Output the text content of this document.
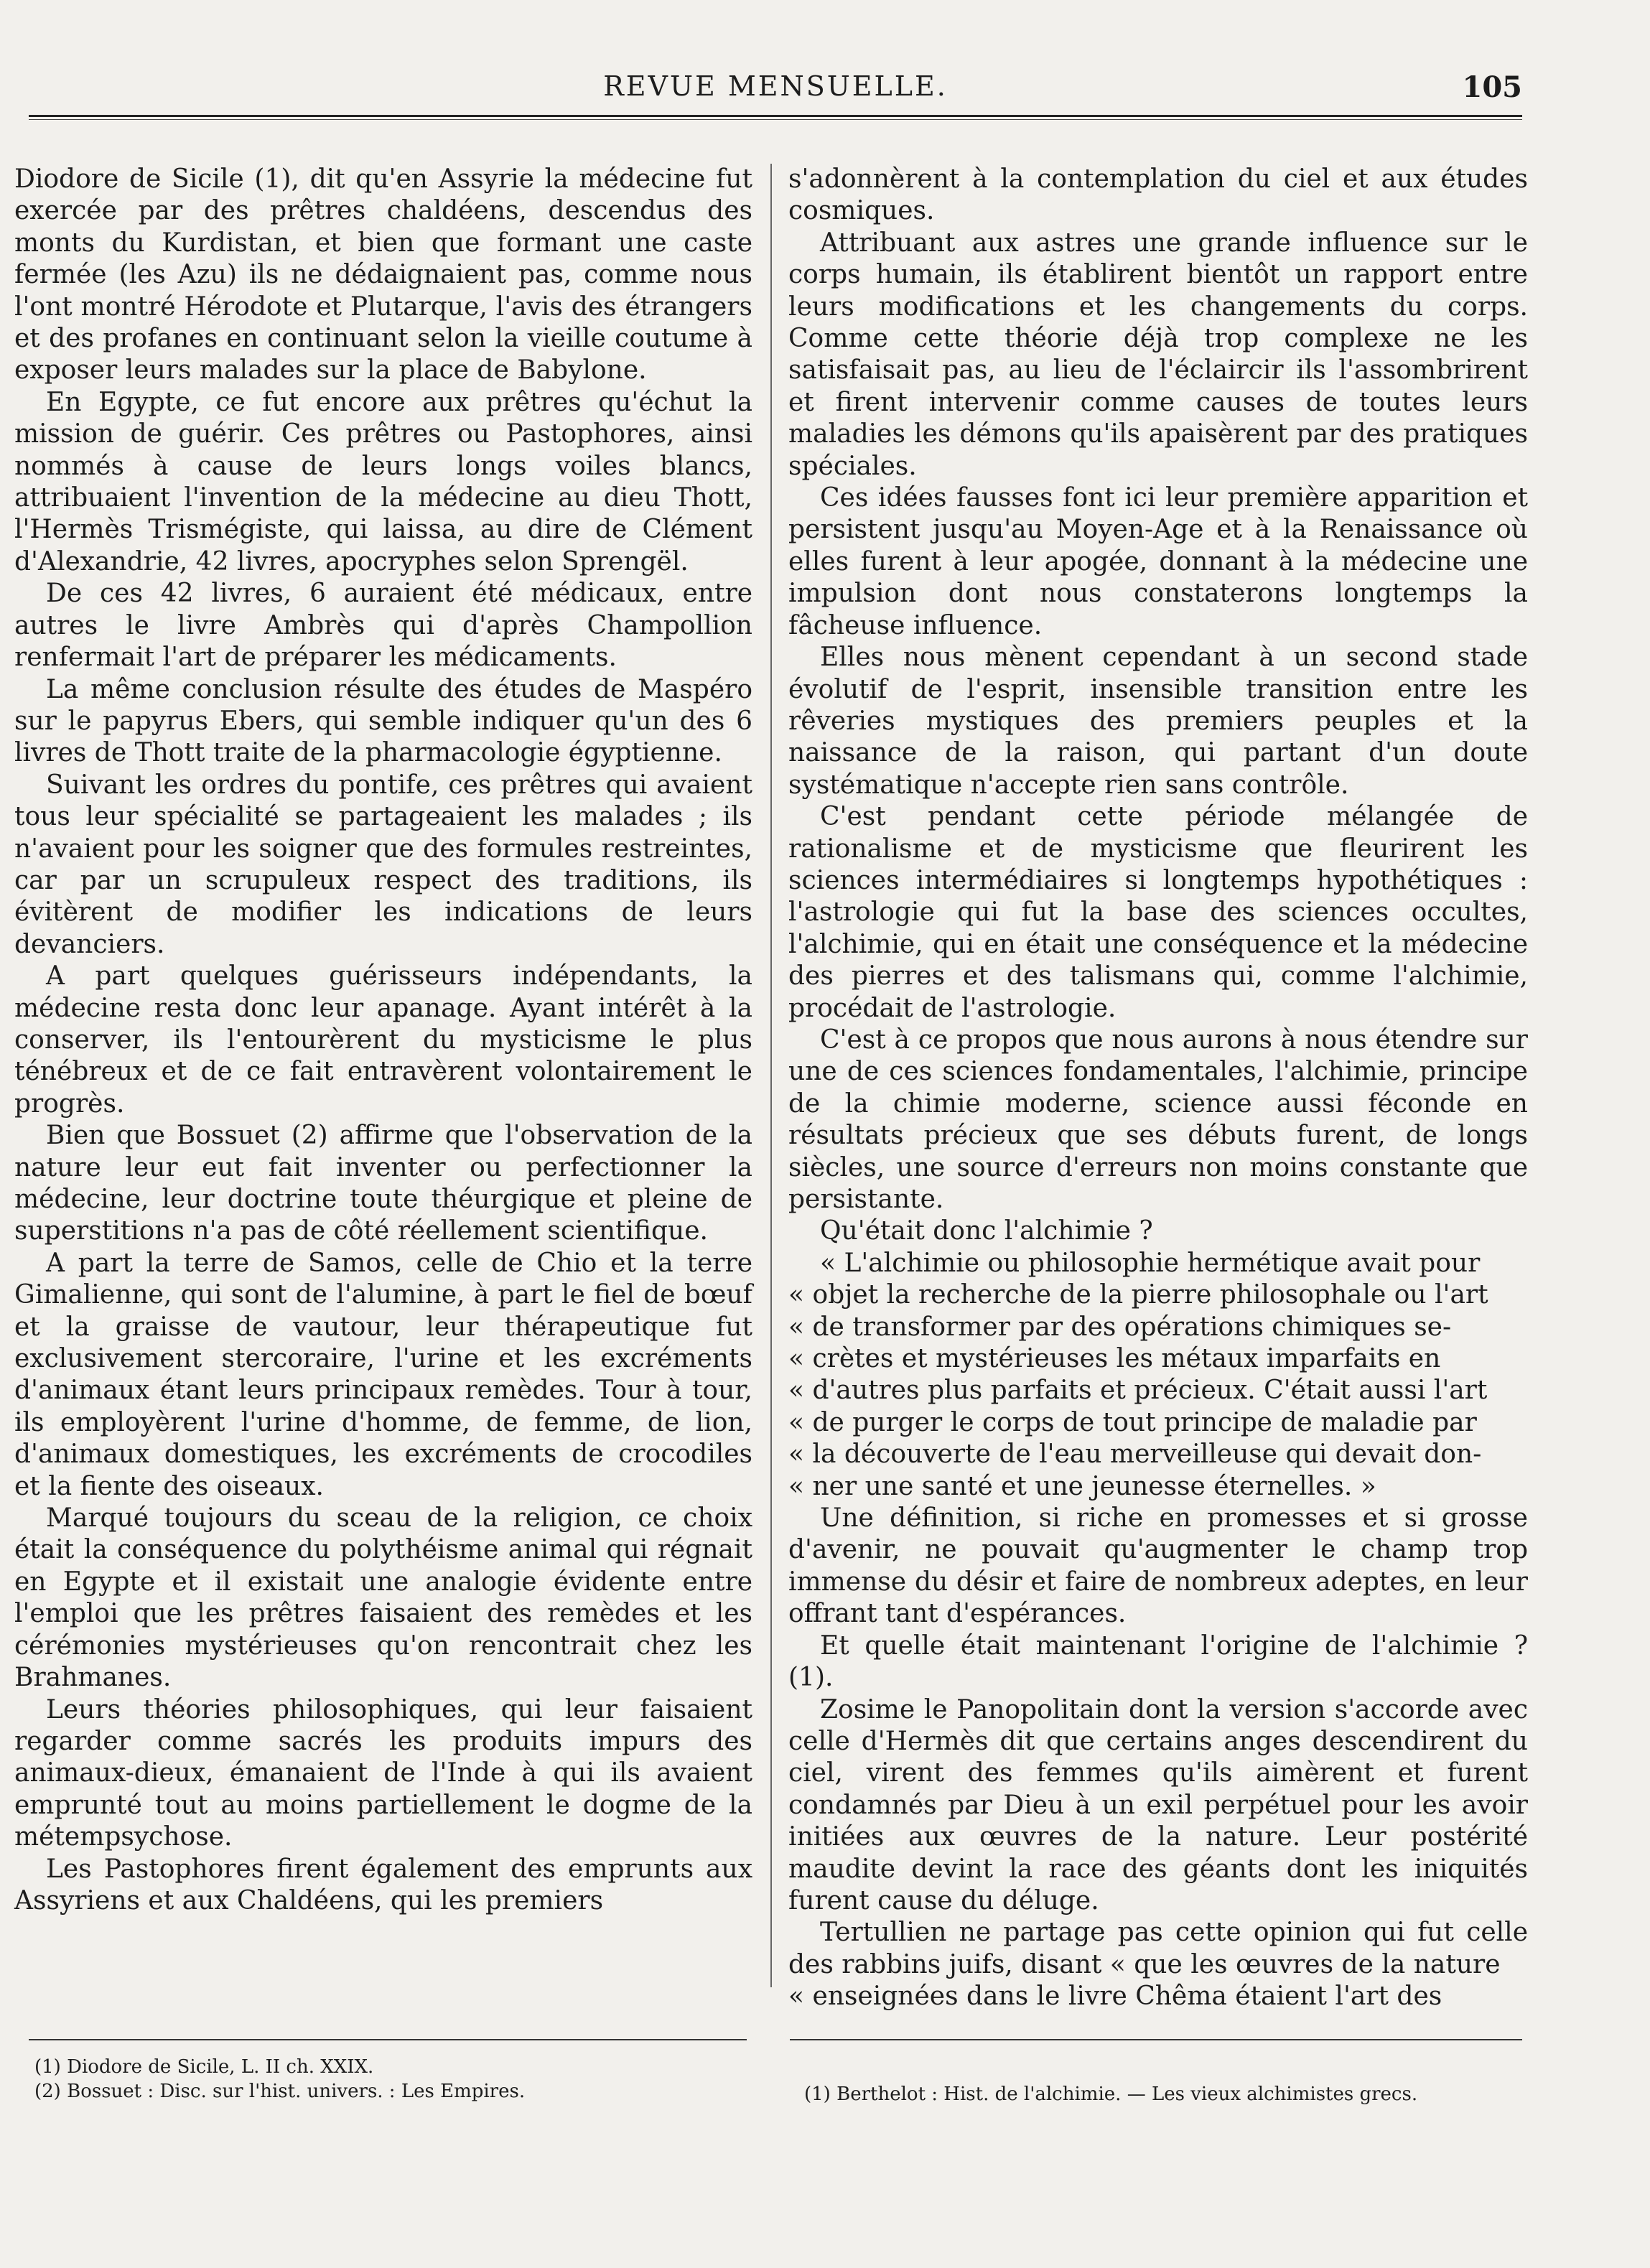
REVUE MENSUELLE.	105

Diodore de Sicile (1), dit qu'en Assyrie la médecine fut exercée par des prêtres chaldéens, descendus des monts du Kurdistan, et bien que formant une caste fermée (les Azu) ils ne dédaignaient pas, comme nous l'ont montré Hérodote et Plutarque, l'avis des étrangers et des profanes en continuant selon la vieille coutume à exposer leurs malades sur la place de Babylone.

En Egypte, ce fut encore aux prêtres qu'échut la mission de guérir. Ces prêtres ou Pastophores, ainsi nommés à cause de leurs longs voiles blancs, attribuaient l'invention de la médecine au dieu Thott, l'Hermès Trismégiste, qui laissa, au dire de Clément d'Alexandrie, 42 livres, apocryphes selon Sprengël.

De ces 42 livres, 6 auraient été médicaux, entre autres le livre Ambrès qui d'après Champollion renfermait l'art de préparer les médicaments.

La même conclusion résulte des études de Maspéro sur le papyrus Ebers, qui semble indiquer qu'un des 6 livres de Thott traite de la pharmacologie égyptienne.

Suivant les ordres du pontife, ces prêtres qui avaient tous leur spécialité se partageaient les malades ; ils n'avaient pour les soigner que des formules restreintes, car par un scrupuleux respect des traditions, ils évitèrent de modifier les indications de leurs devanciers.

A part quelques guérisseurs indépendants, la médecine resta donc leur apanage. Ayant intérêt à la conserver, ils l'entourèrent du mysticisme le plus ténébreux et de ce fait entravèrent volontairement le progrès.

Bien que Bossuet (2) affirme que l'observation de la nature leur eut fait inventer ou perfectionner la médecine, leur doctrine toute théurgique et pleine de superstitions n'a pas de côté réellement scientifique.

A part la terre de Samos, celle de Chio et la terre Gimalienne, qui sont de l'alumine, à part le fiel de bœuf et la graisse de vautour, leur thérapeutique fut exclusivement stercoraire, l'urine et les excréments d'animaux étant leurs principaux remèdes. Tour à tour, ils employèrent l'urine d'homme, de femme, de lion, d'animaux domestiques, les excréments de crocodiles et la fiente des oiseaux.

Marqué toujours du sceau de la religion, ce choix était la conséquence du polythéisme animal qui régnait en Egypte et il existait une analogie évidente entre l'emploi que les prêtres faisaient des remèdes et les cérémonies mystérieuses qu'on rencontrait chez les Brahmanes.

Leurs théories philosophiques, qui leur faisaient regarder comme sacrés les produits impurs des animaux-dieux, émanaient de l'Inde à qui ils avaient emprunté tout au moins partiellement le dogme de la métempsychose.

Les Pastophores firent également des emprunts aux Assyriens et aux Chaldéens, qui les premiers

s'adonnèrent à la contemplation du ciel et aux études cosmiques.

Attribuant aux astres une grande influence sur le corps humain, ils établirent bientôt un rapport entre leurs modifications et les changements du corps. Comme cette théorie déjà trop complexe ne les satisfaisait pas, au lieu de l'éclaircir ils l'assombrirent et firent intervenir comme causes de toutes leurs maladies les démons qu'ils apaisèrent par des pratiques spéciales.

Ces idées fausses font ici leur première apparition et persistent jusqu'au Moyen-Age et à la Renaissance où elles furent à leur apogée, donnant à la médecine une impulsion dont nous constaterons longtemps la fâcheuse influence.

Elles nous mènent cependant à un second stade évolutif de l'esprit, insensible transition entre les rêveries mystiques des premiers peuples et la naissance de la raison, qui partant d'un doute systématique n'accepte rien sans contrôle.

C'est pendant cette période mélangée de rationalisme et de mysticisme que fleurirent les sciences intermédiaires si longtemps hypothétiques : l'astrologie qui fut la base des sciences occultes, l'alchimie, qui en était une conséquence et la médecine des pierres et des talismans qui, comme l'alchimie, procédait de l'astrologie.

C'est à ce propos que nous aurons à nous étendre sur une de ces sciences fondamentales, l'alchimie, principe de la chimie moderne, science aussi féconde en résultats précieux que ses débuts furent, de longs siècles, une source d'erreurs non moins constante que persistante.

Qu'était donc l'alchimie ?

« L'alchimie ou philosophie hermétique avait pour

« objet la recherche de la pierre philosophale ou l'art

« de transformer par des opérations chimiques se-

« crètes et mystérieuses les métaux imparfaits en

« d'autres plus parfaits et précieux. C'était aussi l'art

« de purger le corps de tout principe de maladie par

« la découverte de l'eau merveilleuse qui devait don-

« ner une santé et une jeunesse éternelles. »

Une définition, si riche en promesses et si grosse d'avenir, ne pouvait qu'augmenter le champ trop immense du désir et faire de nombreux adeptes, en leur offrant tant d'espérances.

Et quelle était maintenant l'origine de l'alchimie ? (1).

Zosime le Panopolitain dont la version s'accorde avec celle d'Hermès dit que certains anges descendirent du ciel, virent des femmes qu'ils aimèrent et furent condamnés par Dieu à un exil perpétuel pour les avoir initiées aux œuvres de la nature. Leur postérité maudite devint la race des géants dont les iniquités furent cause du déluge.

Tertullien ne partage pas cette opinion qui fut celle des rabbins juifs, disant « que les œuvres de la nature

« enseignées dans le livre Chêma étaient l'art des

(1) Diodore de Sicile, L. II ch. XXIX.
(2) Bossuet : Disc. sur l'hist. univers. : Les Empires.	(1) Berthelot : Hist. de l'alchimie. — Les vieux alchimistes grecs.
